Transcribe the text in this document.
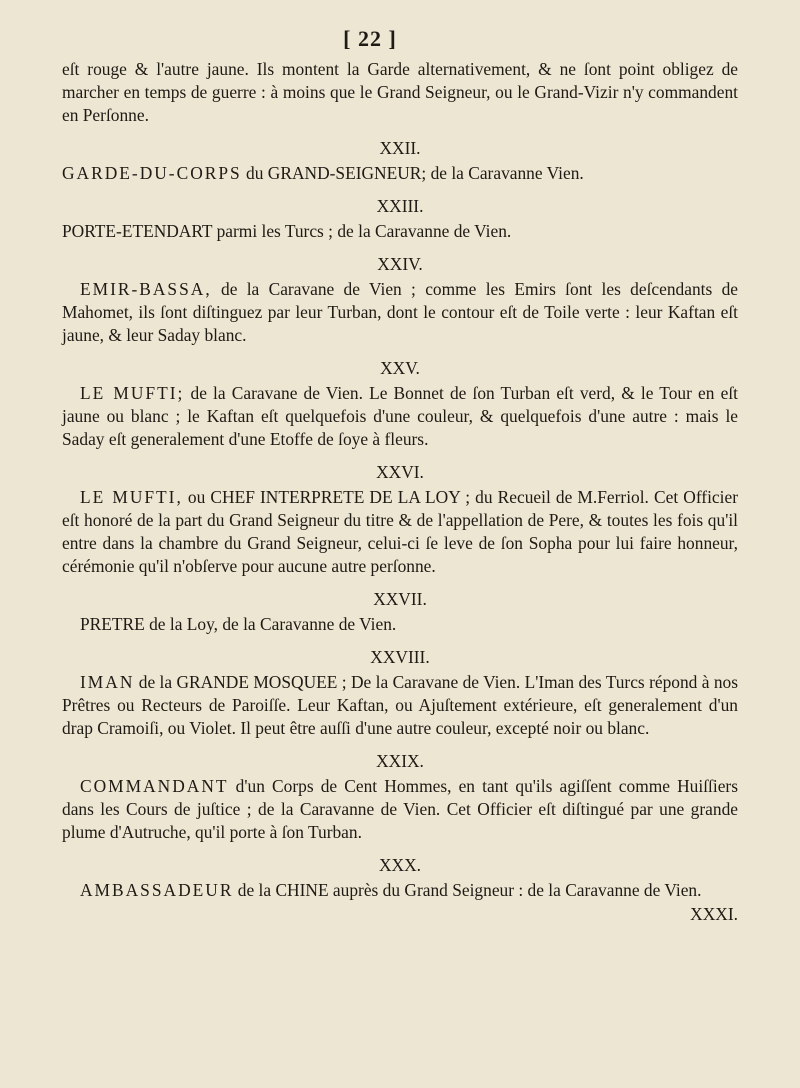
[ 22 ]

eſt rouge & l'autre jaune. Ils montent la Garde alternativement, & ne ſont point obligez de marcher en temps de guerre : à moins que le Grand Seigneur, ou le Grand-Vizir n'y commandent en Perſonne.

XXII.

GARDE-DU-CORPS du GRAND-SEIGNEUR; de la Caravanne Vien.

XXIII.

PORTE-ETENDART parmi les Turcs ; de la Caravanne de Vien.

XXIV.

EMIR-BASSA, de la Caravane de Vien ; comme les Emirs ſont les deſcendants de Mahomet, ils ſont diſtinguez par leur Turban, dont le contour eſt de Toile verte : leur Kaftan eſt jaune, & leur Saday blanc.

XXV.

LE MUFTI; de la Caravane de Vien. Le Bonnet de ſon Turban eſt verd, & le Tour en eſt jaune ou blanc ; le Kaftan eſt quelquefois d'une couleur, & quelquefois d'une autre : mais le Saday eſt generalement d'une Etoffe de ſoye à fleurs.

XXVI.

LE MUFTI, ou CHEF INTERPRETE DE LA LOY ; du Recueil de M.Ferriol. Cet Officier eſt honoré de la part du Grand Seigneur du titre & de l'appellation de Pere, & toutes les fois qu'il entre dans la chambre du Grand Seigneur, celui-ci ſe leve de ſon Sopha pour lui faire honneur, cérémonie qu'il n'obſerve pour aucune autre perſonne.

XXVII.

PRETRE de la Loy, de la Caravanne de Vien.

XXVIII.

IMAN de la GRANDE MOSQUEE ; De la Caravane de Vien. L'Iman des Turcs répond à nos Prêtres ou Recteurs de Paroiſſe. Leur Kaftan, ou Ajuſtement extérieure, eſt generalement d'un drap Cramoiſi, ou Violet. Il peut être auſſi d'une autre couleur, excepté noir ou blanc.

XXIX.

COMMANDANT d'un Corps de Cent Hommes, en tant qu'ils agiſſent comme Huiſſiers dans les Cours de juſtice ; de la Caravanne de Vien. Cet Officier eſt diſtingué par une grande plume d'Autruche, qu'il porte à ſon Turban.

XXX.

AMBASSADEUR de la CHINE auprès du Grand Seigneur : de la Caravanne de Vien.

XXXI.
